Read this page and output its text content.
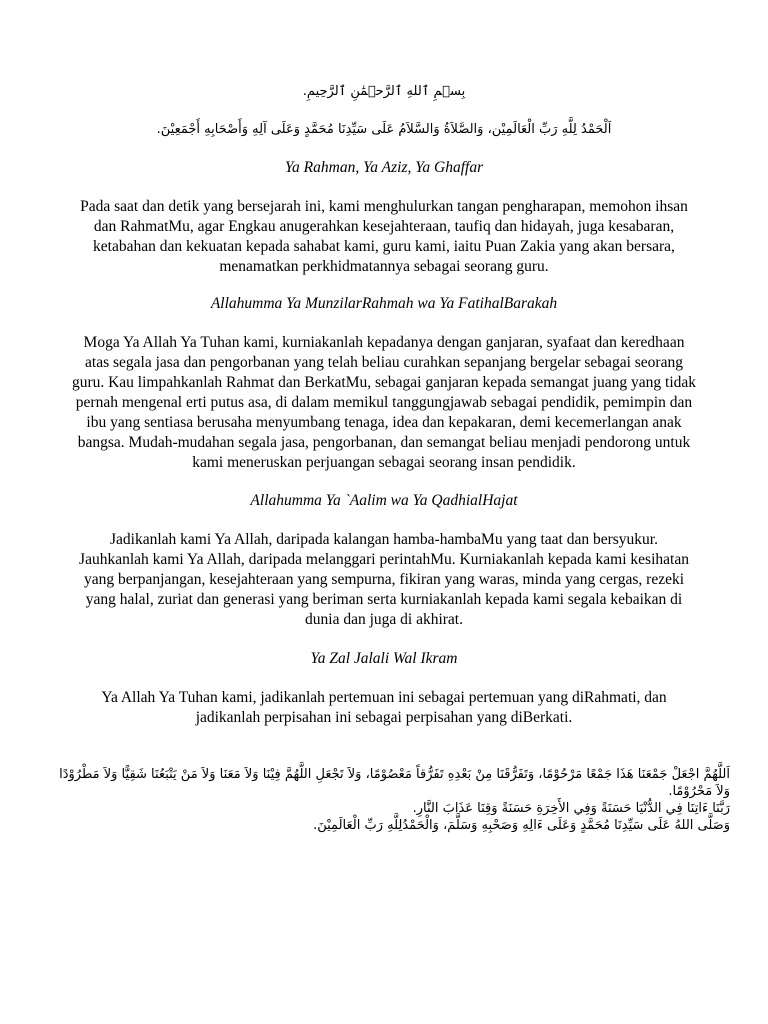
بِسۡمِ ٱللهِ ٱلرَّحۡمَٰنِ ٱلرَّحِيمِ.
اَلْحَمْدُ لِلَّهِ رَبِّ الْعَالَمِيْن، وَالصَّلاَةُ وَالسَّلاَمُ عَلَى سَيِّدِنَا مُحَمَّدٍ وَعَلَى آلِهِ وَأَصْحَابِهِ أَجْمَعِيْنَ.
Ya Rahman, Ya Aziz, Ya Ghaffar
Pada saat dan detik yang bersejarah ini, kami menghulurkan tangan pengharapan, memohon ihsan
dan RahmatMu, agar Engkau anugerahkan kesejahteraan, taufiq dan hidayah, juga kesabaran,
ketabahan dan kekuatan kepada sahabat kami, guru kami, iaitu Puan Zakia yang akan bersara,
menamatkan perkhidmatannya sebagai seorang guru.
Allahumma Ya MunzilarRahmah wa Ya FatihalBarakah
Moga Ya Allah Ya Tuhan kami, kurniakanlah kepadanya dengan ganjaran, syafaat dan keredhaan
atas segala jasa dan pengorbanan yang telah beliau curahkan sepanjang bergelar sebagai seorang
guru. Kau limpahkanlah Rahmat dan BerkatMu, sebagai ganjaran kepada semangat juang yang tidak
pernah mengenal erti putus asa, di dalam memikul tanggungjawab sebagai pendidik, pemimpin dan
ibu yang sentiasa berusaha menyumbang tenaga, idea dan kepakaran, demi kecemerlangan anak
bangsa. Mudah-mudahan segala jasa, pengorbanan, dan semangat beliau menjadi pendorong untuk
kami meneruskan perjuangan sebagai seorang insan pendidik.
Allahumma Ya `Aalim wa Ya QadhialHajat
Jadikanlah kami Ya Allah, daripada kalangan hamba-hambaMu yang taat dan bersyukur.
Jauhkanlah kami Ya Allah, daripada melanggari perintahMu. Kurniakanlah kepada kami kesihatan
yang berpanjangan, kesejahteraan yang sempurna, fikiran yang waras, minda yang cergas, rezeki
yang halal, zuriat dan generasi yang beriman serta kurniakanlah kepada kami segala kebaikan di
dunia dan juga di akhirat.
Ya Zal Jalali Wal Ikram
Ya Allah Ya Tuhan kami, jadikanlah pertemuan ini sebagai pertemuan yang diRahmati, dan
jadikanlah perpisahan ini sebagai perpisahan yang diBerkati.
اَللَّهُمَّ اجْعَلْ جَمْعَنَا هَذَا جَمْعًا مَرْحُوْمًا، وَتَفَرُّقَنَا مِنْ بَعْدِهِ تَفَرُّقاً مَعْصُوْمًا، وَلاَ تَجْعَلِ اللَّهُمَّ فِيْنَا وَلاَ مَعَنَا وَلاَ مَنْ يَتْبَعُنَا شَقِيًّا وَلاَ مَطْرُوْدًا
وَلاَ مَحْرُوْمًا.
رَبَّنَا ءَاتِنَا فِي الدُّنْيَا حَسَنَةً وَفِي الأَخِرَةِ حَسَنَةً وَقِنَا عَذَابَ النَّارِ.
وَصَلَّى اللهُ عَلَى سَيِّدِنَا مُحَمَّدٍ وَعَلَى ءَالِهِ وَصَحْبِهِ وَسَلَّمَ، وَالْحَمْدُلِلَّهِ رَبِّ الْعَالَمِيْنَ.
